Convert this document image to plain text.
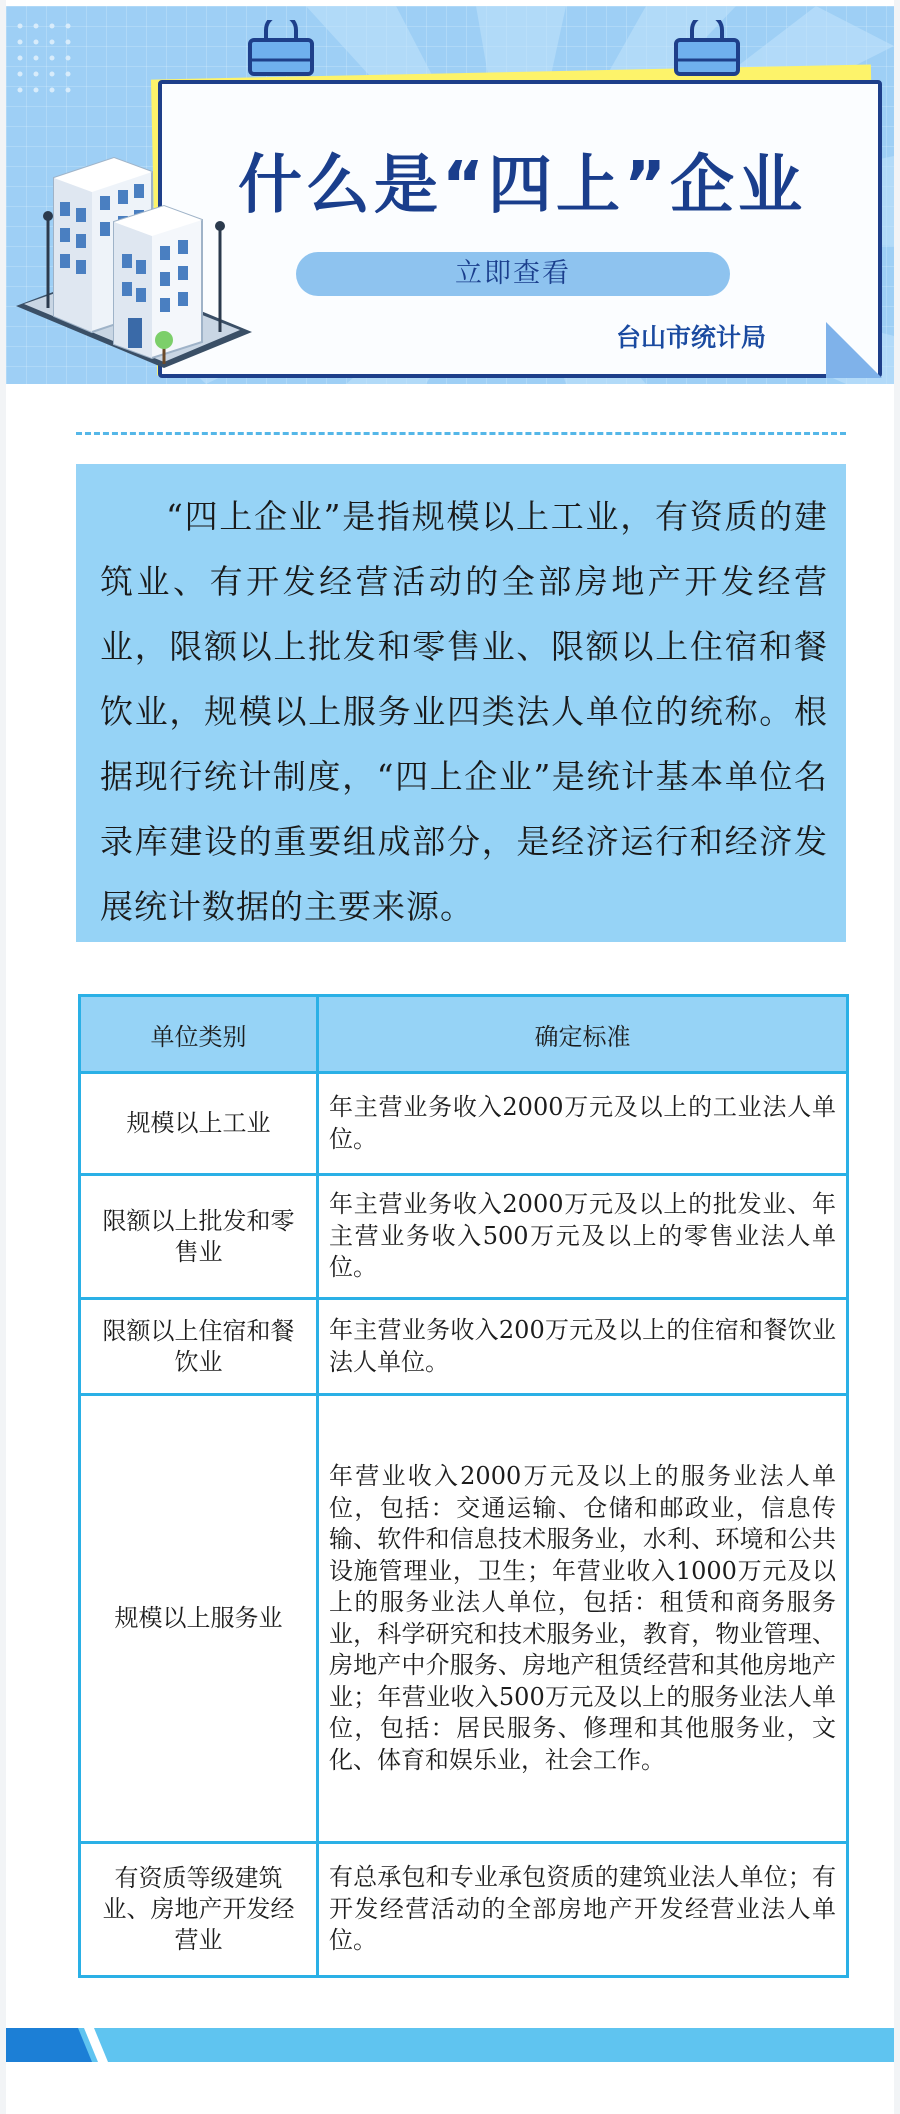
什么是“四上”企业
立即查看
台山市统计局

“四上企业”是指规模以上工业，有资质的建筑业、有开发经营活动的全部房地产开发经营业，限额以上批发和零售业、限额以上住宿和餐饮业，规模以上服务业四类法人单位的统称。根据现行统计制度，“四上企业”是统计基本单位名录库建设的重要组成部分，是经济运行和经济发展统计数据的主要来源。

单位类别	确定标准
规模以上工业	年主营业务收入2000万元及以上的工业法人单位。
限额以上批发和零售业	年主营业务收入2000万元及以上的批发业、年主营业务收入500万元及以上的零售业法人单位。
限额以上住宿和餐饮业	年主营业务收入200万元及以上的住宿和餐饮业法人单位。
规模以上服务业	年营业收入2000万元及以上的服务业法人单位，包括：交通运输、仓储和邮政业，信息传输、软件和信息技术服务业，水利、环境和公共设施管理业，卫生；年营业收入1000万元及以上的服务业法人单位，包括：租赁和商务服务业，科学研究和技术服务业，教育，物业管理、房地产中介服务、房地产租赁经营和其他房地产业；年营业收入500万元及以上的服务业法人单位，包括：居民服务、修理和其他服务业，文化、体育和娱乐业，社会工作。
有资质等级建筑业、房地产开发经营业	有总承包和专业承包资质的建筑业法人单位；有开发经营活动的全部房地产开发经营业法人单位。
